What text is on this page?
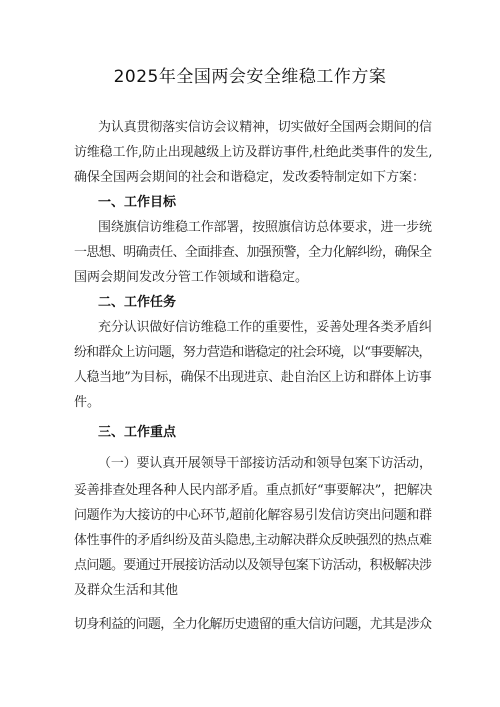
2025年全国两会安全维稳工作方案
为认真贯彻落实信访会议精神，切实做好全国两会期间的信
访维稳工作,防止出现越级上访及群访事件,杜绝此类事件的发生,
确保全国两会期间的社会和谐稳定，发改委特制定如下方案：
一、工作目标
围绕旗信访维稳工作部署，按照旗信访总体要求，进一步统
一思想、明确责任、全面排查、加强预警，全力化解纠纷，确保全
国两会期间发改分管工作领域和谐稳定。
二、工作任务
充分认识做好信访维稳工作的重要性，妥善处理各类矛盾纠
纷和群众上访问题，努力营造和谐稳定的社会环境，以“事要解决，
人稳当地”为目标，确保不出现进京、赴自治区上访和群体上访事
件。
三、工作重点
（一）要认真开展领导干部接访活动和领导包案下访活动，
妥善排查处理各种人民内部矛盾。重点抓好“事要解决”，把解决
问题作为大接访的中心环节,超前化解容易引发信访突出问题和群
体性事件的矛盾纠纷及苗头隐患,主动解决群众反映强烈的热点难
点问题。要通过开展接访活动以及领导包案下访活动，积极解决涉
及群众生活和其他
切身利益的问题，全力化解历史遗留的重大信访问题，尤其是涉众
